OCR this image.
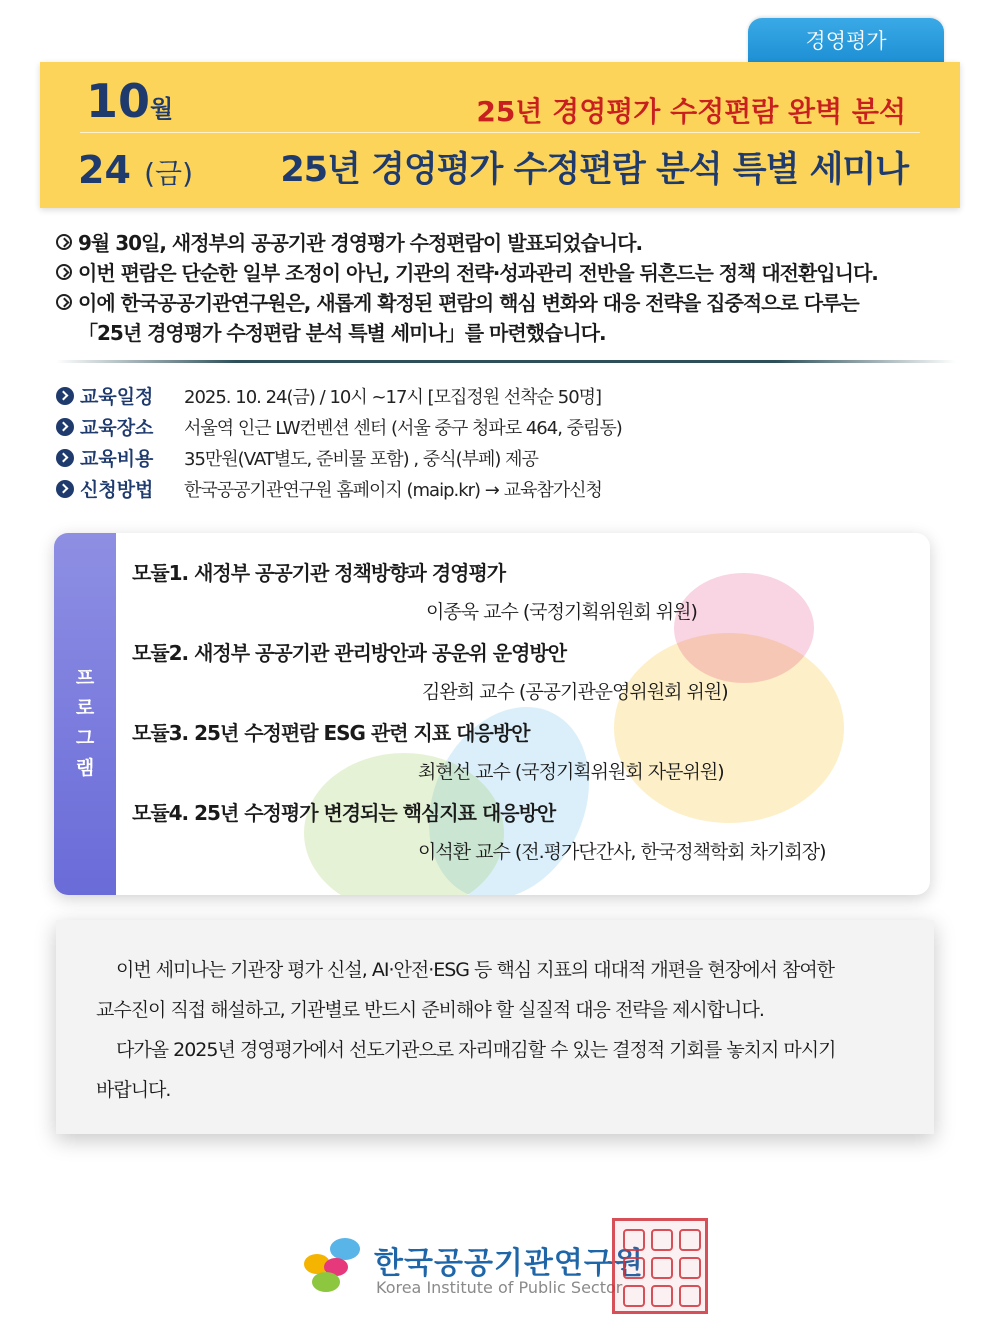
경영평가
10월
24 (금)
25년 경영평가 수정편람 완벽 분석
25년 경영평가 수정편람 분석 특별 세미나
9월 30일, 새정부의 공공기관 경영평가 수정편람이 발표되었습니다.
이번 편람은 단순한 일부 조정이 아닌, 기관의 전략·성과관리 전반을 뒤흔드는 정책 대전환입니다.
이에 한국공공기관연구원은, 새롭게 확정된 편람의 핵심 변화와 대응 전략을 집중적으로 다루는
「25년 경영평가 수정편람 분석 특별 세미나」를 마련했습니다.
교육일정	2025. 10. 24(금) / 10시 ~17시 [모집정원 선착순 50명]
교육장소	서울역 인근 LW컨벤션 센터 (서울 중구 청파로 464, 중림동)
교육비용	35만원(VAT별도, 준비물 포함) , 중식(부페) 제공
신청방법	한국공공기관연구원 홈페이지 (maip.kr) → 교육참가신청
프
로
그
램
모듈1. 새정부 공공기관 정책방향과 경영평가
이종욱 교수 (국정기획위원회 위원)
모듈2. 새정부 공공기관 관리방안과 공운위 운영방안
김완희 교수 (공공기관운영위원회 위원)
모듈3. 25년 수정편람 ESG 관련 지표 대응방안
최현선 교수 (국정기획위원회 자문위원)
모듈4. 25년 수정평가 변경되는 핵심지표 대응방안
이석환 교수 (전.평가단간사, 한국정책학회 차기회장)

이번 세미나는 기관장 평가 신설, AI·안전·ESG 등 핵심 지표의 대대적 개편을 현장에서 참여한

교수진이 직접 해설하고, 기관별로 반드시 준비해야 할 실질적 대응 전략을 제시합니다.

다가올 2025년 경영평가에서 선도기관으로 자리매김할 수 있는 결정적 기회를 놓치지 마시기

바랍니다.

한국공공기관연구원
Korea Institute of Public Sector
